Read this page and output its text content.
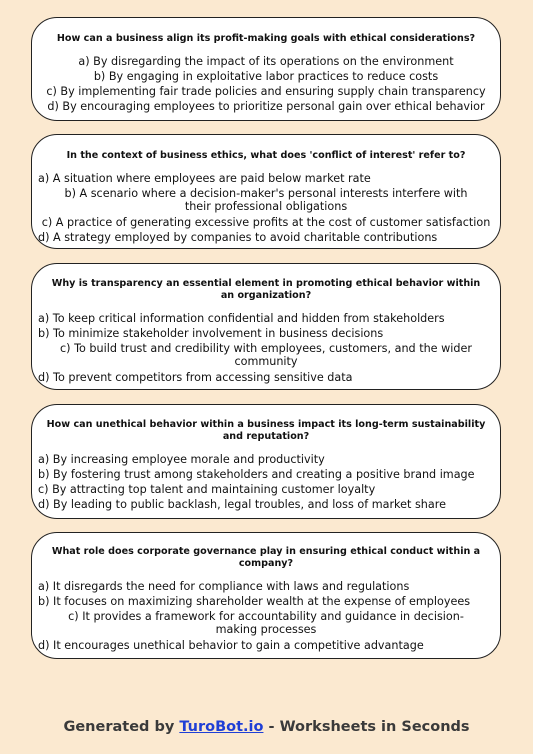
How can a business align its profit-making goals with ethical considerations?
a) By disregarding the impact of its operations on the environment
b) By engaging in exploitative labor practices to reduce costs
c) By implementing fair trade policies and ensuring supply chain transparency
d) By encouraging employees to prioritize personal gain over ethical behavior
In the context of business ethics, what does 'conflict of interest' refer to?
a) A situation where employees are paid below market rate
b) A scenario where a decision-maker's personal interests interfere with their professional obligations
c) A practice of generating excessive profits at the cost of customer satisfaction
d) A strategy employed by companies to avoid charitable contributions
Why is transparency an essential element in promoting ethical behavior within an organization?
a) To keep critical information confidential and hidden from stakeholders
b) To minimize stakeholder involvement in business decisions
c) To build trust and credibility with employees, customers, and the wider community
d) To prevent competitors from accessing sensitive data
How can unethical behavior within a business impact its long-term sustainability and reputation?
a) By increasing employee morale and productivity
b) By fostering trust among stakeholders and creating a positive brand image
c) By attracting top talent and maintaining customer loyalty
d) By leading to public backlash, legal troubles, and loss of market share
What role does corporate governance play in ensuring ethical conduct within a company?
a) It disregards the need for compliance with laws and regulations
b) It focuses on maximizing shareholder wealth at the expense of employees
c) It provides a framework for accountability and guidance in decision-making processes
d) It encourages unethical behavior to gain a competitive advantage
Generated by TuroBot.io - Worksheets in Seconds
